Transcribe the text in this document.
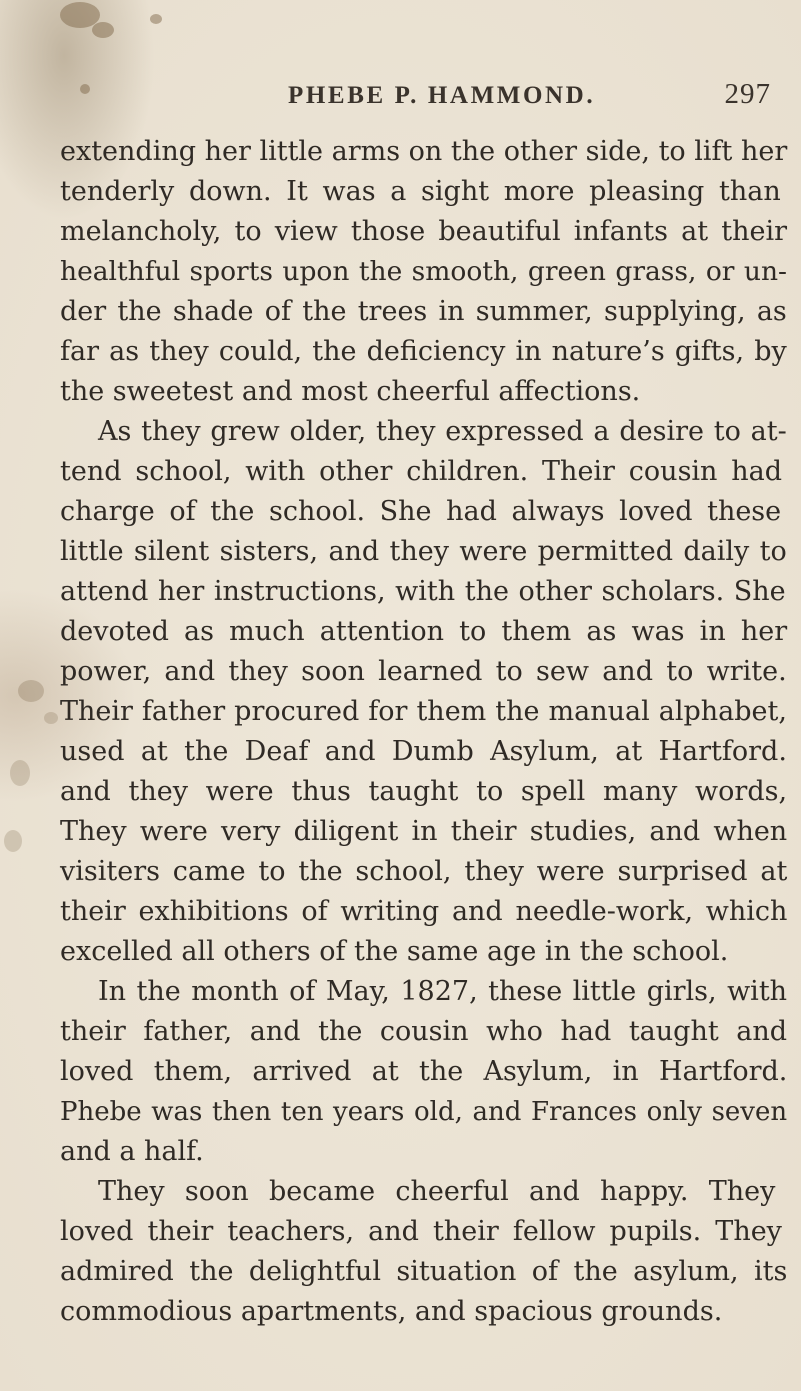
PHEBE P. HAMMOND.	297
extending her little arms on the other side, to lift her
tenderly down. It was a sight more pleasing than
melancholy, to view those beautiful infants at their
healthful sports upon the smooth, green grass, or un-
der the shade of the trees in summer, supplying, as
far as they could, the deficiency in nature’s gifts, by
the sweetest and most cheerful affections.
As they grew older, they expressed a desire to at-
tend school, with other children. Their cousin had
charge of the school. She had always loved these
little silent sisters, and they were permitted daily to
attend her instructions, with the other scholars. She
devoted as much attention to them as was in her
power, and they soon learned to sew and to write.
Their father procured for them the manual alphabet,
used at the Deaf and Dumb Asylum, at Hartford.
and they were thus taught to spell many words,
They were very diligent in their studies, and when
visiters came to the school, they were surprised at
their exhibitions of writing and needle-work, which
excelled all others of the same age in the school.
In the month of May, 1827, these little girls, with
their father, and the cousin who had taught and
loved them, arrived at the Asylum, in Hartford.
Phebe was then ten years old, and Frances only seven
and a half.
They soon became cheerful and happy. They
loved their teachers, and their fellow pupils. They
admired the delightful situation of the asylum, its
commodious apartments, and spacious grounds.
